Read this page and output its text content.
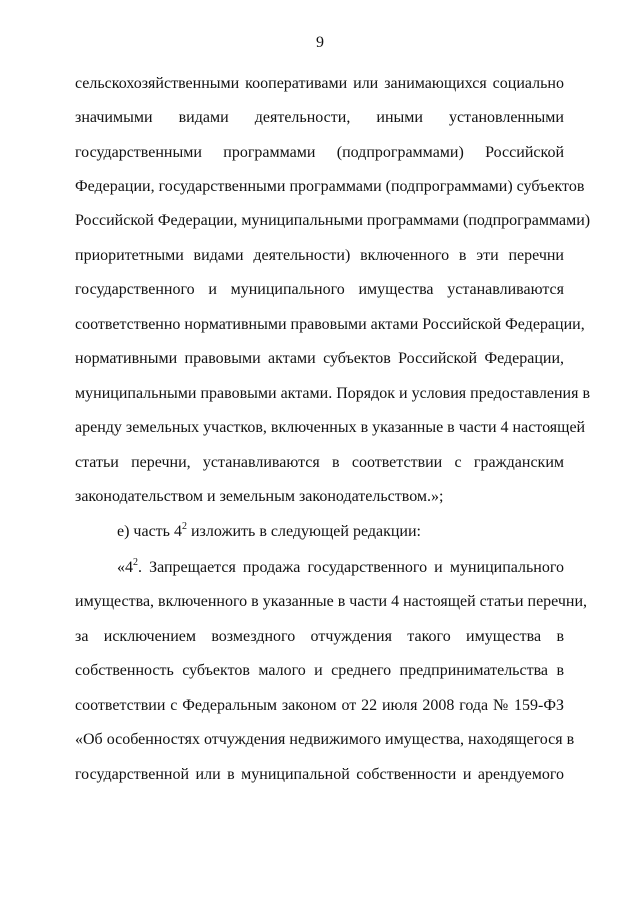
9
сельскохозяйственными кооперативами или занимающихся социально
значимыми видами деятельности, иными установленными
государственными программами (подпрограммами) Российской
Федерации, государственными программами (подпрограммами) субъектов
Российской Федерации, муниципальными программами (подпрограммами)
приоритетными видами деятельности) включенного в эти перечни
государственного и муниципального имущества устанавливаются
соответственно нормативными правовыми актами Российской Федерации,
нормативными правовыми актами субъектов Российской Федерации,
муниципальными правовыми актами. Порядок и условия предоставления в
аренду земельных участков, включенных в указанные в части 4 настоящей
статьи перечни, устанавливаются в соответствии с гражданским
законодательством и земельным законодательством.»;
е) часть $4^2$ изложить в следующей редакции:
«$4^2$. Запрещается продажа государственного и муниципального
имущества, включенного в указанные в части 4 настоящей статьи перечни,
за исключением возмездного отчуждения такого имущества в
собственность субъектов малого и среднего предпринимательства в
соответствии с Федеральным законом от 22 июля 2008 года № 159-ФЗ
«Об особенностях отчуждения недвижимого имущества, находящегося в
государственной или в муниципальной собственности и арендуемого
